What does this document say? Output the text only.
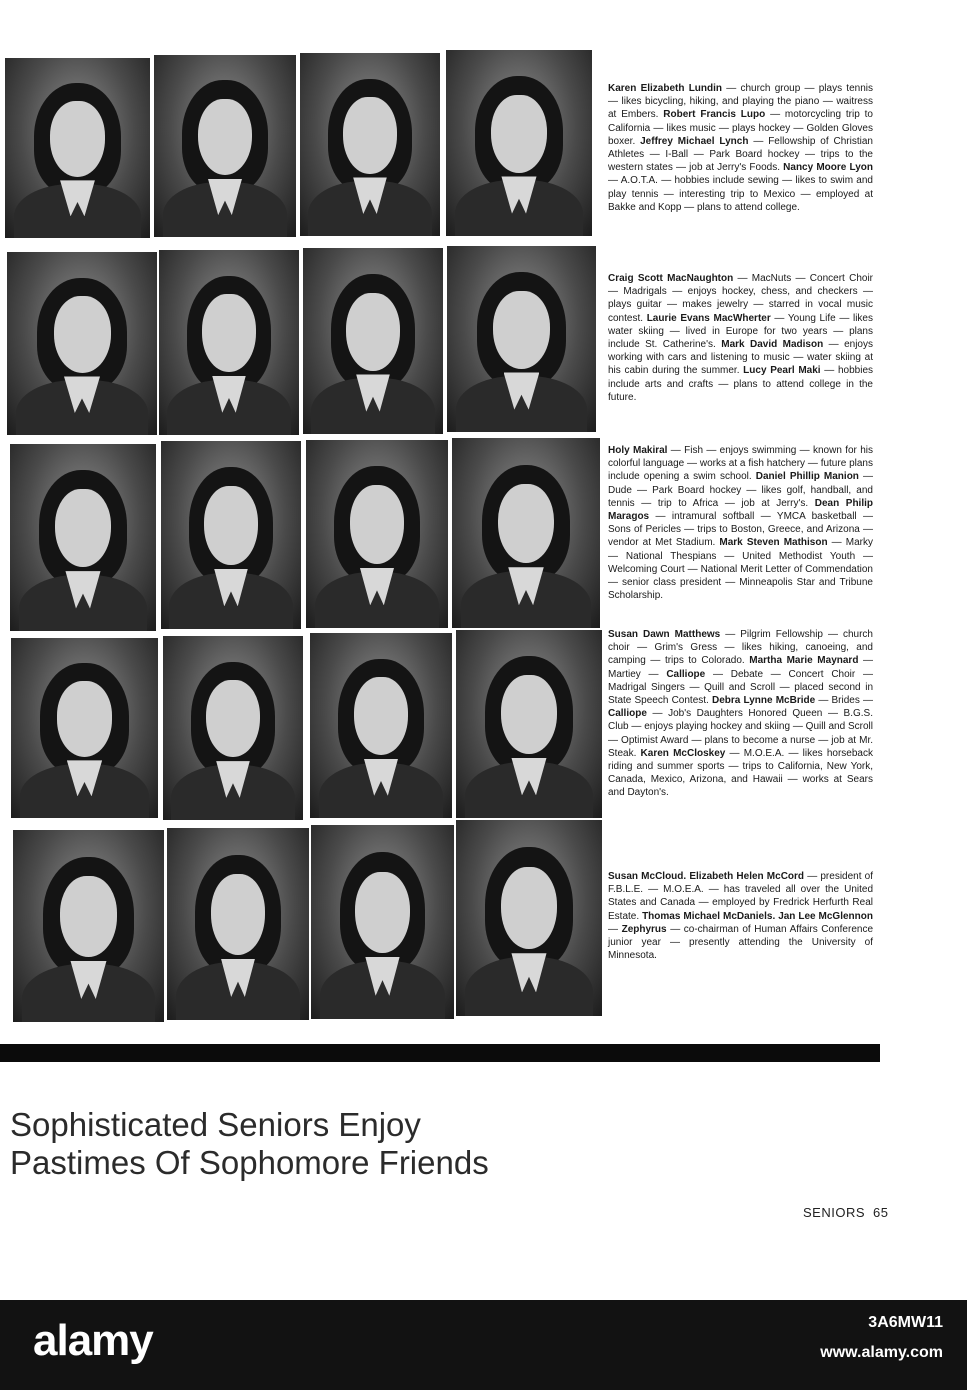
Karen Elizabeth Lundin — church group — plays tennis — likes bicycling, hiking, and playing the piano — waitress at Embers. Robert Francis Lupo — motorcycling trip to California — likes music — plays hockey — Golden Gloves boxer. Jeffrey Michael Lynch — Fellowship of Christian Athletes — I-Ball — Park Board hockey — trips to the western states — job at Jerry's Foods. Nancy Moore Lyon — A.O.T.A. — hobbies include sewing — likes to swim and play tennis — interesting trip to Mexico — employed at Bakke and Kopp — plans to attend college.

Craig Scott MacNaughton — MacNuts — Concert Choir — Madrigals — enjoys hockey, chess, and checkers — plays guitar — makes jewelry — starred in vocal music contest. Laurie Evans MacWherter — Young Life — likes water skiing — lived in Europe for two years — plans include St. Catherine's. Mark David Madison — enjoys working with cars and listening to music — water skiing at his cabin during the summer. Lucy Pearl Maki — hobbies include arts and crafts — plans to attend college in the future.

Holy Makiral — Fish — enjoys swimming — known for his colorful language — works at a fish hatchery — future plans include opening a swim school. Daniel Phillip Manion — Dude — Park Board hockey — likes golf, handball, and tennis — trip to Africa — job at Jerry's. Dean Philip Maragos — intramural softball — YMCA basketball — Sons of Pericles — trips to Boston, Greece, and Arizona — vendor at Met Stadium. Mark Steven Mathison — Marky — National Thespians — United Methodist Youth — Welcoming Court — National Merit Letter of Commendation — senior class president — Minneapolis Star and Tribune Scholarship.

Susan Dawn Matthews — Pilgrim Fellowship — church choir — Grim's Gress — likes hiking, canoeing, and camping — trips to Colorado. Martha Marie Maynard — Martiey — Calliope — Debate — Concert Choir — Madrigal Singers — Quill and Scroll — placed second in State Speech Contest. Debra Lynne McBride — Brides — Calliope — Job's Daughters Honored Queen — B.G.S. Club — enjoys playing hockey and skiing — Quill and Scroll — Optimist Award — plans to become a nurse — job at Mr. Steak. Karen McCloskey — M.O.E.A. — likes horseback riding and summer sports — trips to California, New York, Canada, Mexico, Arizona, and Hawaii — works at Sears and Dayton's.

Susan McCloud. Elizabeth Helen McCord — president of F.B.L.E. — M.O.E.A. — has traveled all over the United States and Canada — employed by Fredrick Herfurth Real Estate. Thomas Michael McDaniels. Jan Lee McGlennon — Zephyrus — co-chairman of Human Affairs Conference junior year — presently attending the University of Minnesota.

Sophisticated Seniors Enjoy
Pastimes Of Sophomore Friends
SENIORS 65
alamy	3A6MW11
www.alamy.com
